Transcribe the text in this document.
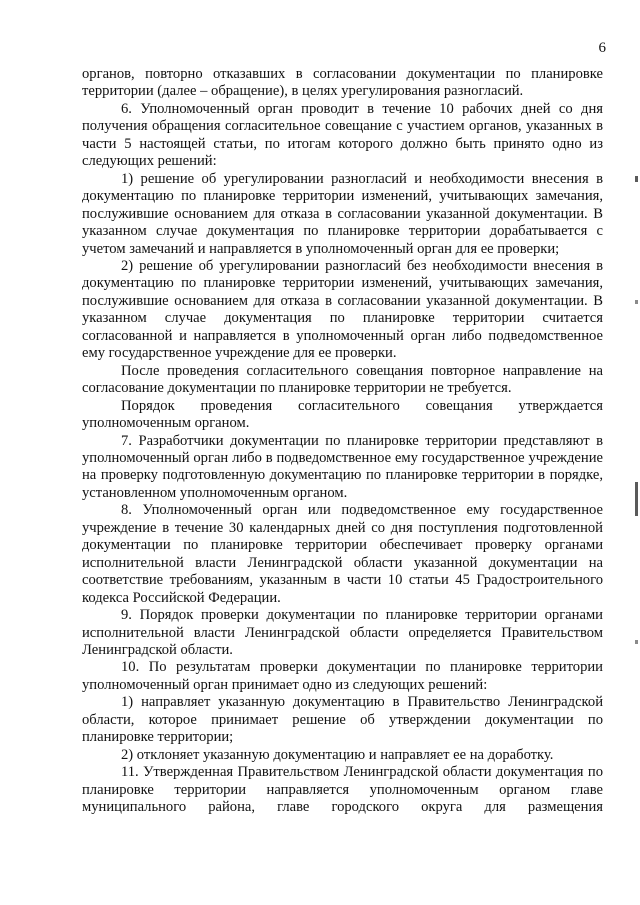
6

органов, повторно отказавших в согласовании документации по планировке территории (далее – обращение), в целях урегулирования разногласий.

6. Уполномоченный орган проводит в течение 10 рабочих дней со дня получения обращения согласительное совещание с участием органов, указанных в части 5 настоящей статьи, по итогам которого должно быть принято одно из следующих решений:

1) решение об урегулировании разногласий и необходимости внесения в документацию по планировке территории изменений, учитывающих замечания, послужившие основанием для отказа в согласовании указанной документации. В указанном случае документация по планировке территории дорабатывается с учетом замечаний и направляется в уполномоченный орган для ее проверки;

2) решение об урегулировании разногласий без необходимости внесения в документацию по планировке территории изменений, учитывающих замечания, послужившие основанием для отказа в согласовании указанной документации. В указанном случае документация по планировке территории считается согласованной и направляется в уполномоченный орган либо подведомственное ему государственное учреждение для ее проверки.

После проведения согласительного совещания повторное направление на согласование документации по планировке территории не требуется.

Порядок проведения согласительного совещания утверждается уполномоченным органом.

7. Разработчики документации по планировке территории представляют в уполномоченный орган либо в подведомственное ему государственное учреждение на проверку подготовленную документацию по планировке территории в порядке, установленном уполномоченным органом.

8. Уполномоченный орган или подведомственное ему государственное учреждение в течение 30 календарных дней со дня поступления подготовленной документации по планировке территории обеспечивает проверку органами исполнительной власти Ленинградской области указанной документации на соответствие требованиям, указанным в части 10 статьи 45 Градостроительного кодекса Российской Федерации.

9. Порядок проверки документации по планировке территории органами исполнительной власти Ленинградской области определяется Правительством Ленинградской области.

10. По результатам проверки документации по планировке территории уполномоченный орган принимает одно из следующих решений:

1) направляет указанную документацию в Правительство Ленинградской области, которое принимает решение об утверждении документации по планировке территории;

2) отклоняет указанную документацию и направляет ее на доработку.

11. Утвержденная Правительством Ленинградской области документация по планировке территории направляется уполномоченным органом главе муниципального района, главе городского округа для размещения
